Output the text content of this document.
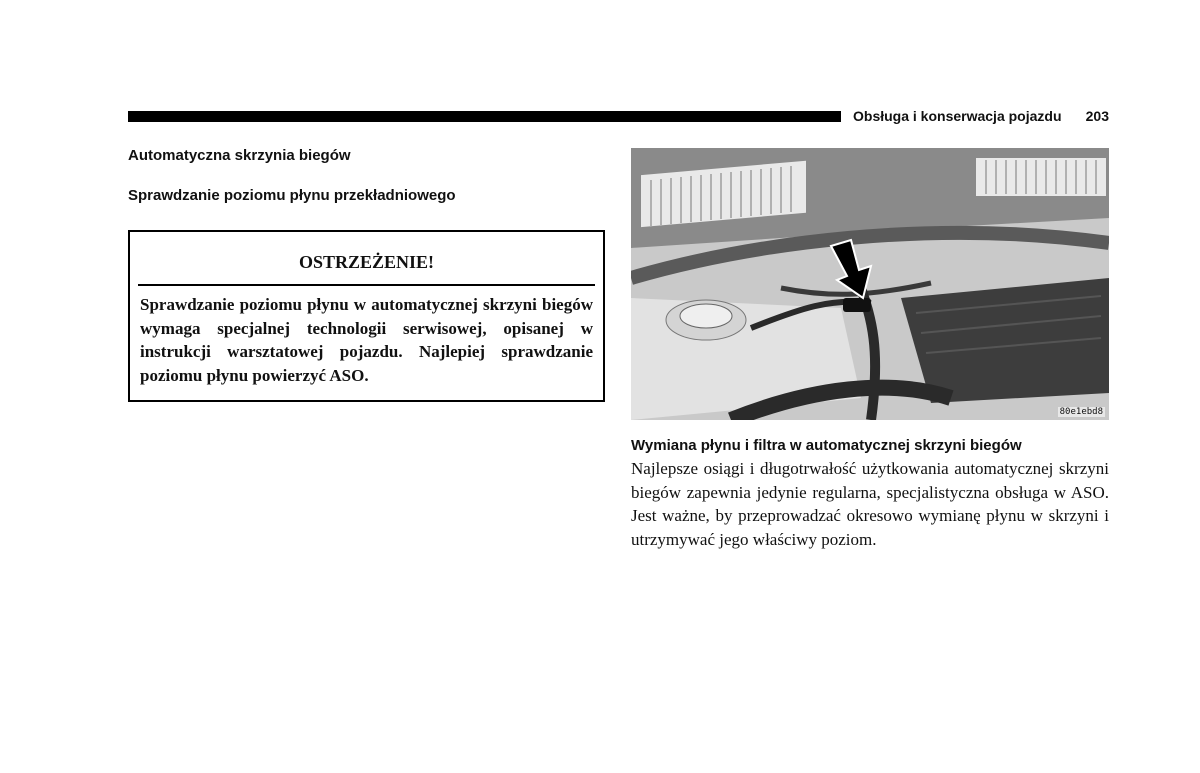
Obsługa i konserwacja pojazdu 203
Automatyczna skrzynia biegów
Sprawdzanie poziomu płynu przekładniowego
OSTRZEŻENIE!

Sprawdzanie poziomu płynu w automatycznej skrzyni biegów wymaga specjalnej technologii serwisowej, opisanej w instrukcji warsztatowej pojazdu. Najlepiej sprawdzanie poziomu płynu powierzyć ASO.

80e1ebd8
Wymiana płynu i filtra w automatycznej skrzyni biegów

Najlepsze osiągi i długotrwałość użytkowania automatycznej skrzyni biegów zapewnia jedynie regularna, specjalistyczna obsługa w ASO. Jest ważne, by przeprowadzać okresowo wymianę płynu w skrzyni i utrzymywać jego właściwy poziom.
